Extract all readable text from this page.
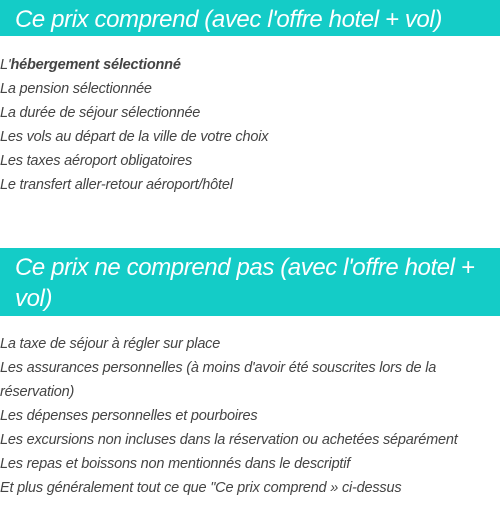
Ce prix comprend (avec l'offre hotel + vol)
L'hébergement sélectionné
La pension sélectionnée
La durée de séjour sélectionnée
Les vols au départ de la ville de votre choix
Les taxes aéroport obligatoires
Le transfert aller-retour aéroport/hôtel
Ce prix ne comprend pas (avec l'offre hotel + vol)
La taxe de séjour à régler sur place
Les assurances personnelles (à moins d'avoir été souscrites lors de la réservation)
Les dépenses personnelles et pourboires
Les excursions non incluses dans la réservation ou achetées séparément
Les repas et boissons non mentionnés dans le descriptif
Et plus généralement tout ce que "Ce prix comprend » ci-dessus
